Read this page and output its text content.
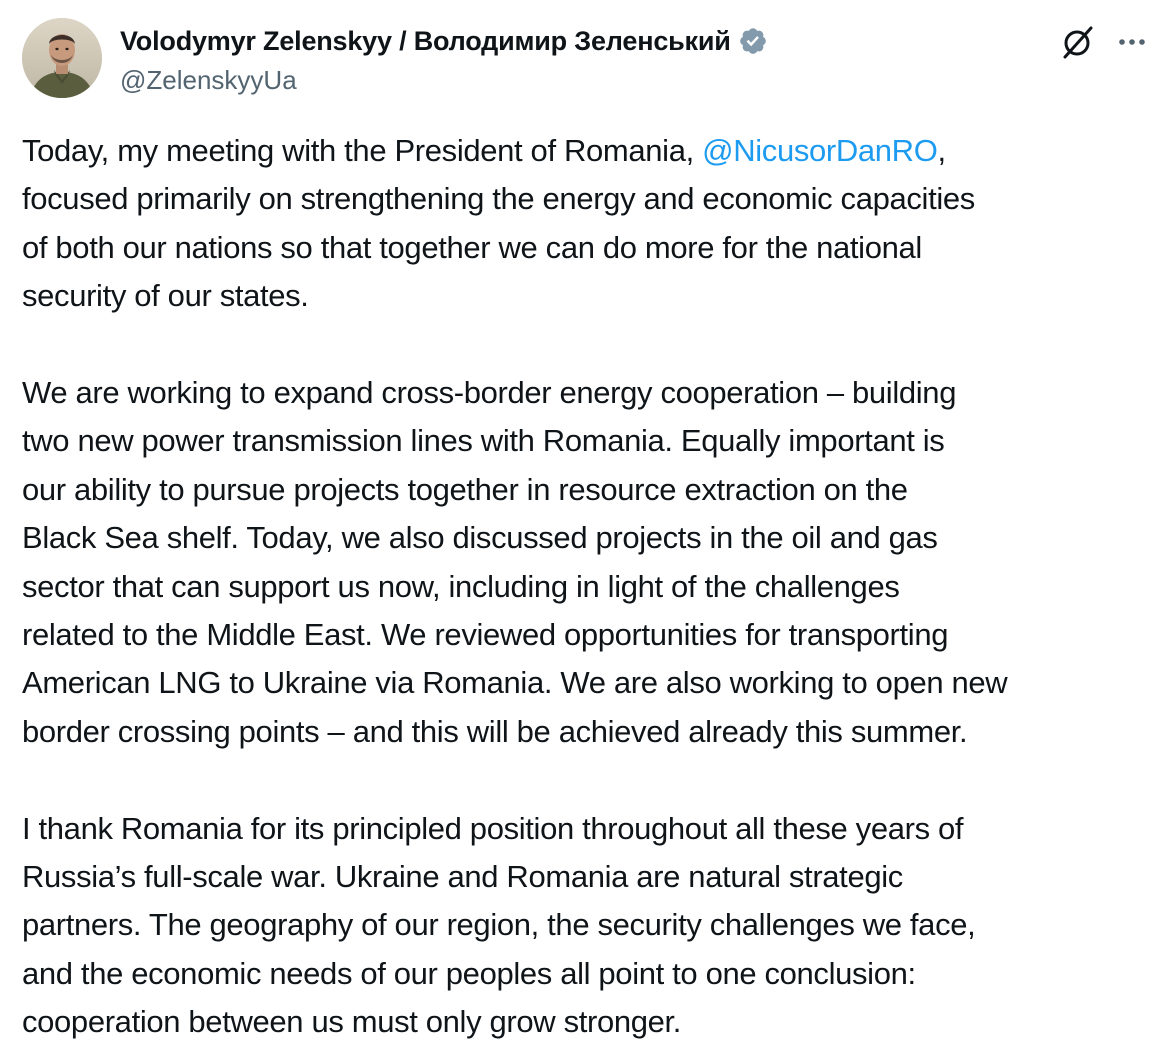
Volodymyr Zelenskyy / Володимир Зеленський
@ZelenskyyUa

Today, my meeting with the President of Romania, @NicusorDanRO,
focused primarily on strengthening the energy and economic capacities
of both our nations so that together we can do more for the national
security of our states.

We are working to expand cross-border energy cooperation – building
two new power transmission lines with Romania. Equally important is
our ability to pursue projects together in resource extraction on the
Black Sea shelf. Today, we also discussed projects in the oil and gas
sector that can support us now, including in light of the challenges
related to the Middle East. We reviewed opportunities for transporting
American LNG to Ukraine via Romania. We are also working to open new
border crossing points – and this will be achieved already this summer.

I thank Romania for its principled position throughout all these years of
Russia’s full-scale war. Ukraine and Romania are natural strategic
partners. The geography of our region, the security challenges we face,
and the economic needs of our peoples all point to one conclusion:
cooperation between us must only grow stronger.
